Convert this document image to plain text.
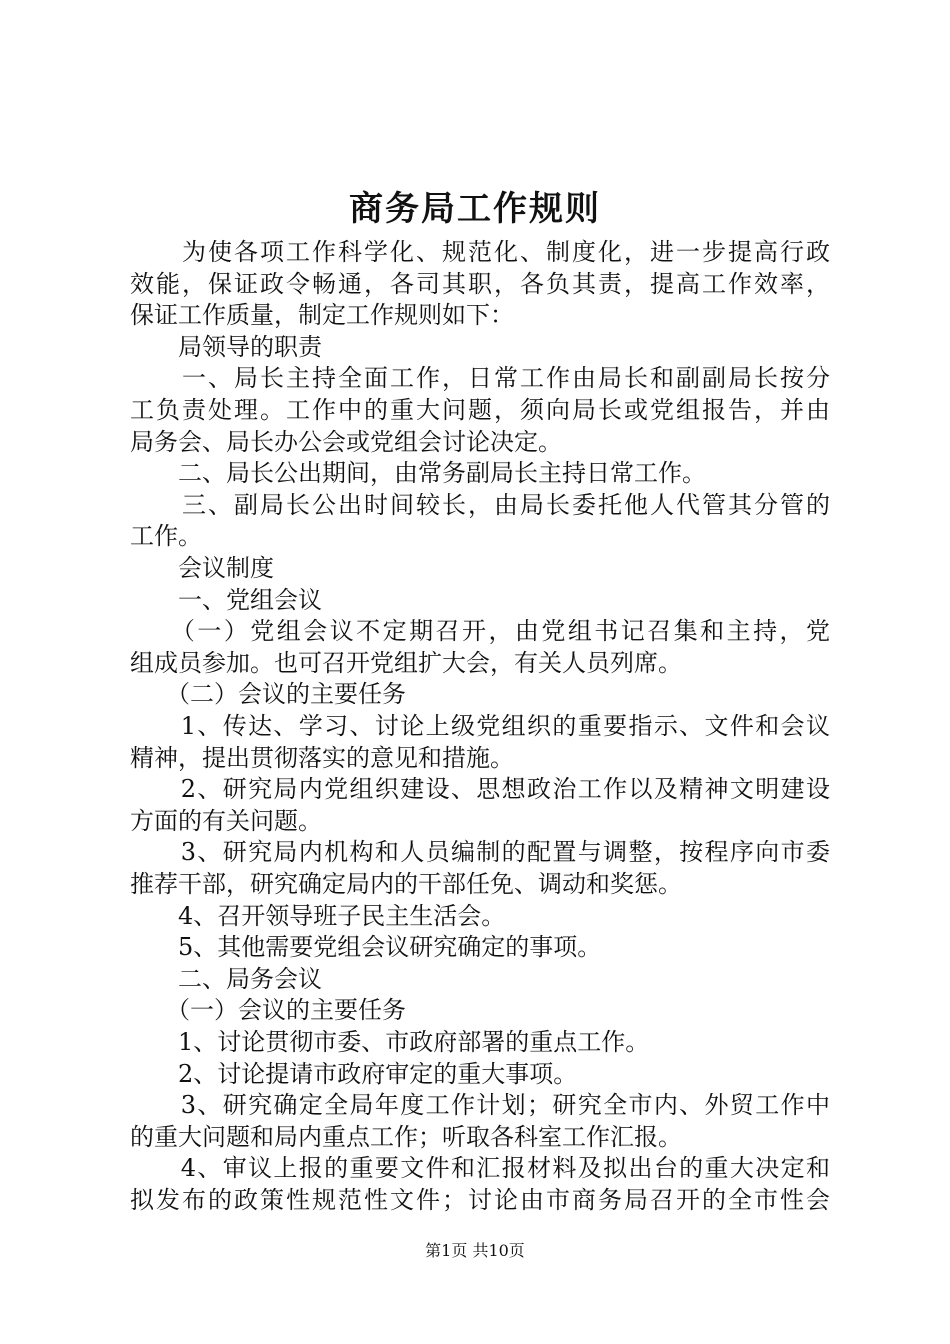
商务局工作规则

　　为使各项工作科学化、规范化、制度化，进一步提高行政

效能，保证政令畅通，各司其职，各负其责，提高工作效率，

保证工作质量，制定工作规则如下：

　　局领导的职责

　　一、局长主持全面工作，日常工作由局长和副副局长按分

工负责处理。工作中的重大问题，须向局长或党组报告，并由

局务会、局长办公会或党组会讨论决定。

　　二、局长公出期间，由常务副局长主持日常工作。

　　三、副局长公出时间较长，由局长委托他人代管其分管的

工作。

　　会议制度

　　一、党组会议

　　（一）党组会议不定期召开，由党组书记召集和主持，党

组成员参加。也可召开党组扩大会，有关人员列席。

　　（二）会议的主要任务

　　1、传达、学习、讨论上级党组织的重要指示、文件和会议

精神，提出贯彻落实的意见和措施。

　　2、研究局内党组织建设、思想政治工作以及精神文明建设

方面的有关问题。

　　3、研究局内机构和人员编制的配置与调整，按程序向市委

推荐干部，研究确定局内的干部任免、调动和奖惩。

　　4、召开领导班子民主生活会。

　　5、其他需要党组会议研究确定的事项。

　　二、局务会议

　　（一）会议的主要任务

　　1、讨论贯彻市委、市政府部署的重点工作。

　　2、讨论提请市政府审定的重大事项。

　　3、研究确定全局年度工作计划；研究全市内、外贸工作中

的重大问题和局内重点工作；听取各科室工作汇报。

　　4、审议上报的重要文件和汇报材料及拟出台的重大决定和

拟发布的政策性规范性文件；讨论由市商务局召开的全市性会

第1页 共10页
